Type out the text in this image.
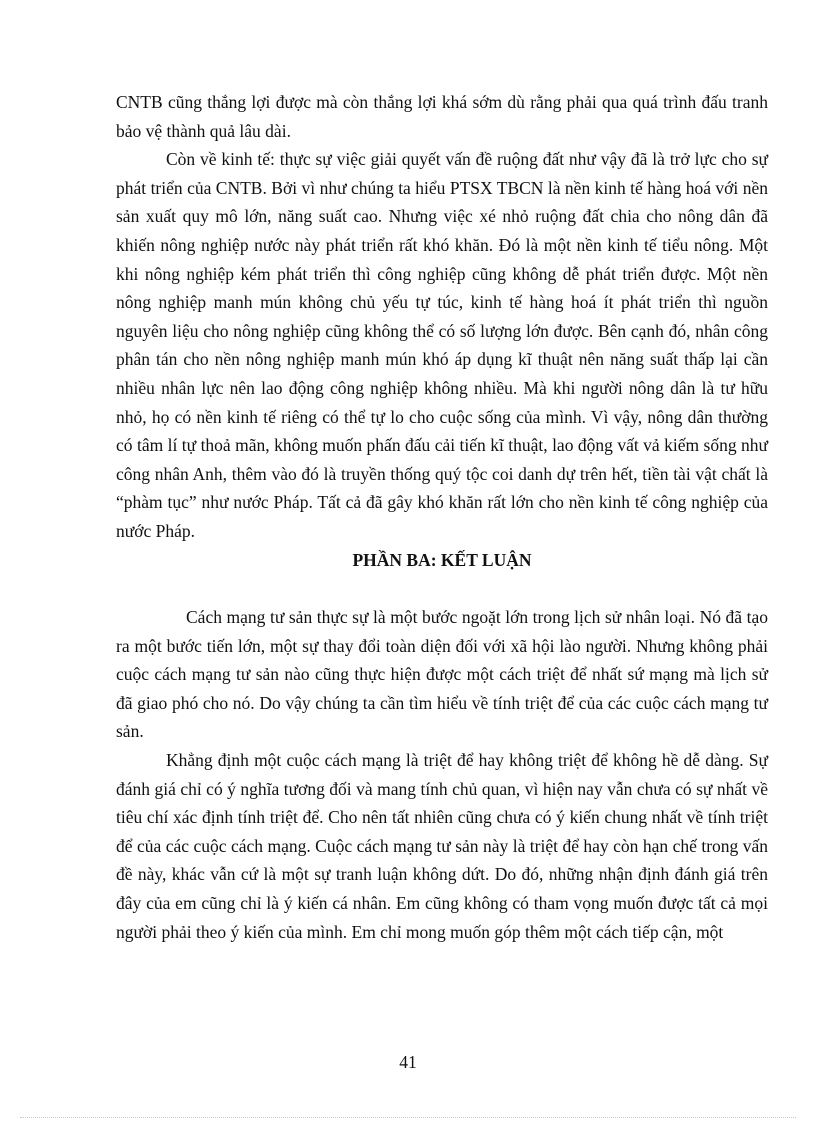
CNTB cũng thắng lợi được mà còn thắng lợi khá sớm dù rằng phải qua quá trình đấu tranh bảo vệ thành quả lâu dài.

Còn về kinh tế: thực sự việc giải quyết vấn đề ruộng đất như vậy đã là trở lực cho sự phát triển của CNTB. Bởi vì như chúng ta hiểu PTSX TBCN là nền kinh tế hàng hoá với nền sản xuất quy mô lớn, năng suất cao. Nhưng việc xé nhỏ ruộng đất chia cho nông dân đã khiến nông nghiệp nước này phát triển rất khó khăn. Đó là một nền kinh tế tiểu nông. Một khi nông nghiệp kém phát triển thì công nghiệp cũng không dễ phát triển được. Một nền nông nghiệp manh mún không chủ yếu tự túc, kinh tế hàng hoá ít phát triển thì nguồn nguyên liệu cho nông nghiệp cũng không thể có số lượng lớn được. Bên cạnh đó, nhân công phân tán cho nền nông nghiệp manh mún khó áp dụng kĩ thuật nên năng suất thấp lại cần nhiều nhân lực nên lao động công nghiệp không nhiều. Mà khi người nông dân là tư hữu nhỏ, họ có nền kinh tế riêng có thể tự lo cho cuộc sống của mình. Vì vậy, nông dân thường có tâm lí tự thoả mãn, không muốn phấn đấu cải tiến kĩ thuật, lao động vất vả kiếm sống như công nhân Anh, thêm vào đó là truyền thống quý tộc coi danh dự trên hết, tiền tài vật chất là “phàm tục” như nước Pháp. Tất cả đã gây khó khăn rất lớn cho nền kinh tế công nghiệp của nước Pháp.

PHẦN BA: KẾT LUẬN

Cách mạng tư sản thực sự là một bước ngoặt lớn trong lịch sử nhân loại. Nó đã tạo ra một bước tiến lớn, một sự thay đổi toàn diện đối với xã hội lào người. Nhưng không phải cuộc cách mạng tư sản nào cũng thực hiện được một cách triệt để nhất sứ mạng mà lịch sử đã giao phó cho nó. Do vậy chúng ta cần tìm hiểu về tính triệt để của các cuộc cách mạng tư sản.

Khẳng định một cuộc cách mạng là triệt để hay không triệt để không hề dễ dàng. Sự đánh giá chỉ có ý nghĩa tương đối và mang tính chủ quan, vì hiện nay vẫn chưa có sự nhất về tiêu chí xác định tính triệt để. Cho nên tất nhiên cũng chưa có ý kiến chung nhất về tính triệt để của các cuộc cách mạng. Cuộc cách mạng tư sản này là triệt để hay còn hạn chế trong vấn đề này, khác vẫn cứ là một sự tranh luận không dứt. Do đó, những nhận định đánh giá trên đây của em cũng chỉ là ý kiến cá nhân. Em cũng không có tham vọng muốn được tất cả mọi người phải theo ý kiến của mình. Em chỉ mong muốn góp thêm một cách tiếp cận, một

41
